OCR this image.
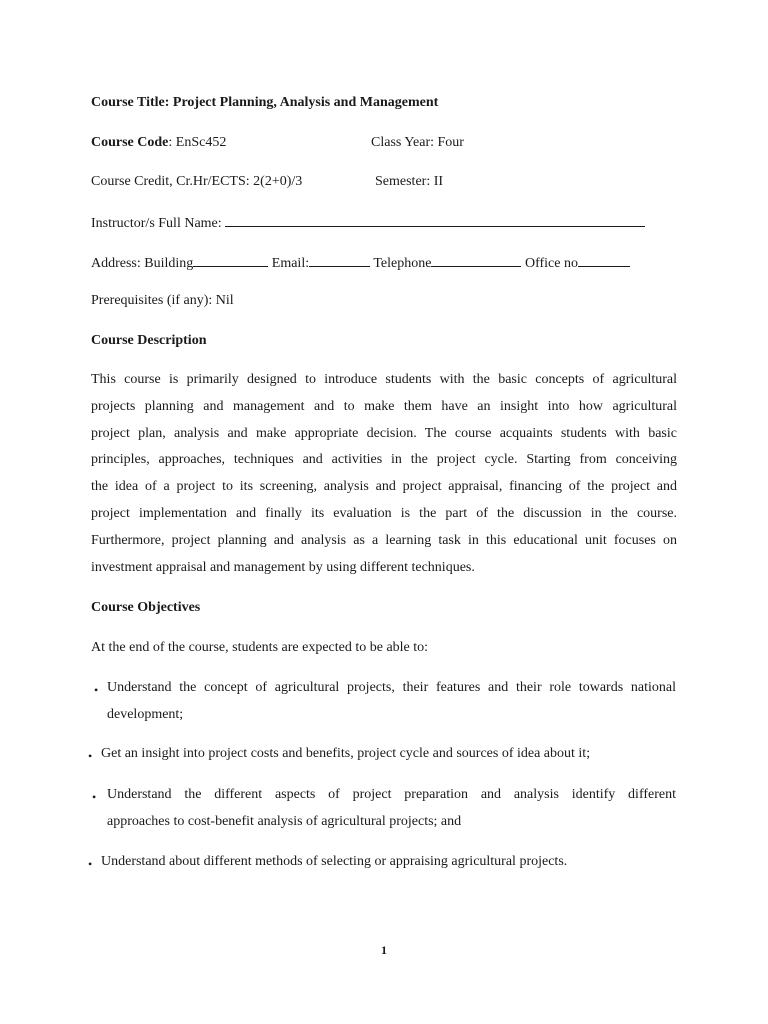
Course Title: Project Planning, Analysis and Management
Course Code: EnSc452	Class Year: Four
Course Credit, Cr.Hr/ECTS: 2(2+0)/3	Semester: II
Instructor/s Full Name:
Address: Building	Email:	Telephone	Office no
Prerequisites (if any): Nil
Course Description
This course is primarily designed to introduce students with the basic concepts of agricultural
projects planning and management and to make them have an insight into how agricultural
project plan, analysis and make appropriate decision. The course acquaints students with basic
principles, approaches, techniques and activities in the project cycle. Starting from conceiving
the idea of a project to its screening, analysis and project appraisal, financing of the project and
project implementation and finally its evaluation is the part of the discussion in the course.
Furthermore, project planning and analysis as a learning task in this educational unit focuses on
investment appraisal and management by using different techniques.
Course Objectives
At the end of the course, students are expected to be able to:
• Understand the concept of agricultural projects, their features and their role towards national
development;
• Get an insight into project costs and benefits, project cycle and sources of idea about it;
• Understand the different aspects of project preparation and analysis identify different
approaches to cost-benefit analysis of agricultural projects; and
• Understand about different methods of selecting or appraising agricultural projects.
1
